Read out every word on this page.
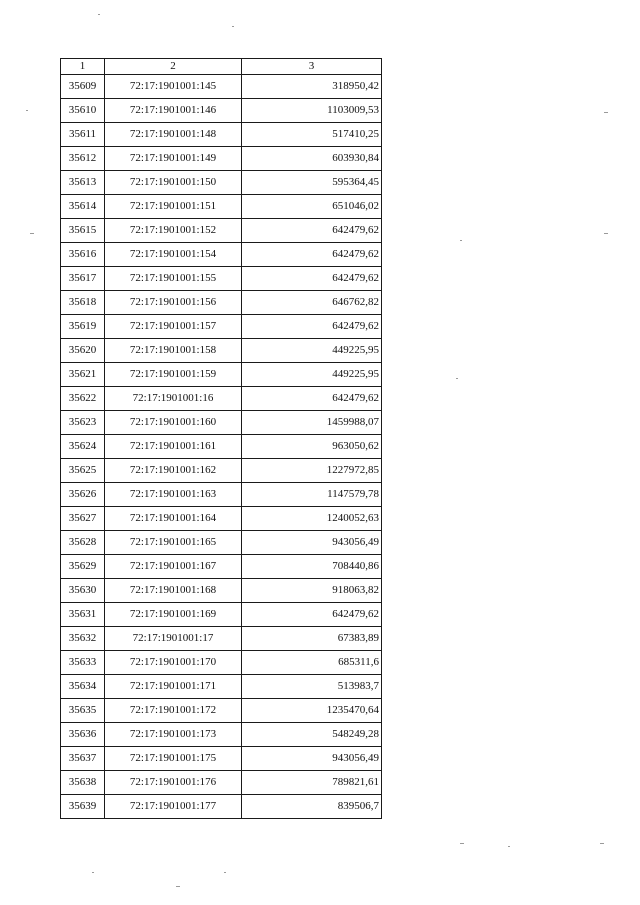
1	2	3
35609	72:17:1901001:145	318950,42
35610	72:17:1901001:146	1103009,53
35611	72:17:1901001:148	517410,25
35612	72:17:1901001:149	603930,84
35613	72:17:1901001:150	595364,45
35614	72:17:1901001:151	651046,02
35615	72:17:1901001:152	642479,62
35616	72:17:1901001:154	642479,62
35617	72:17:1901001:155	642479,62
35618	72:17:1901001:156	646762,82
35619	72:17:1901001:157	642479,62
35620	72:17:1901001:158	449225,95
35621	72:17:1901001:159	449225,95
35622	72:17:1901001:16	642479,62
35623	72:17:1901001:160	1459988,07
35624	72:17:1901001:161	963050,62
35625	72:17:1901001:162	1227972,85
35626	72:17:1901001:163	1147579,78
35627	72:17:1901001:164	1240052,63
35628	72:17:1901001:165	943056,49
35629	72:17:1901001:167	708440,86
35630	72:17:1901001:168	918063,82
35631	72:17:1901001:169	642479,62
35632	72:17:1901001:17	67383,89
35633	72:17:1901001:170	685311,6
35634	72:17:1901001:171	513983,7
35635	72:17:1901001:172	1235470,64
35636	72:17:1901001:173	548249,28
35637	72:17:1901001:175	943056,49
35638	72:17:1901001:176	789821,61
35639	72:17:1901001:177	839506,7
